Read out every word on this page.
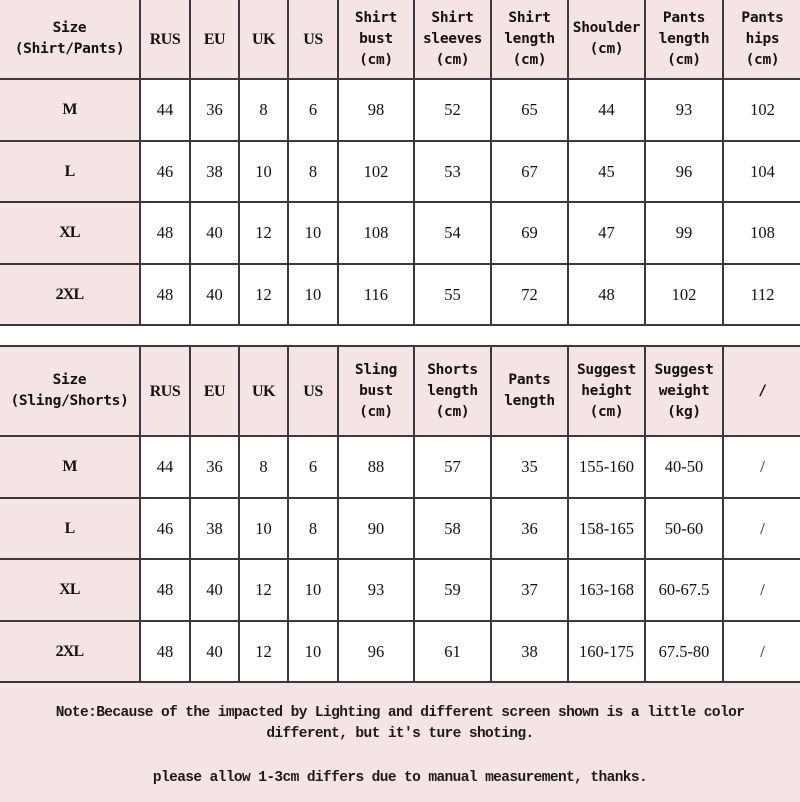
Size
(Shirt/Pants)	RUS	EU	UK	US	Shirt
bust
(cm)	Shirt
sleeves
(cm)	Shirt
length
(cm)	Shoulder
(cm)	Pants
length
(cm)	Pants
hips
(cm)

M	44	36	8	6	98	52	65	44	93	102
L	46	38	10	8	102	53	67	45	96	104
XL	48	40	12	10	108	54	69	47	99	108
2XL	48	40	12	10	116	55	72	48	102	112
Size
(Sling/Shorts)	RUS	EU	UK	US	Sling
bust
(cm)	Shorts
length
(cm)	Pants
length	Suggest
height
(cm)	Suggest
weight
(kg)	/

M	44	36	8	6	88	57	35	155-160	40-50	/
L	46	38	10	8	90	58	36	158-165	50-60	/
XL	48	40	12	10	93	59	37	163-168	60-67.5	/
2XL	48	40	12	10	96	61	38	160-175	67.5-80	/
Note:Because of the impacted by Lighting and different screen shown is a little color
different, but it's ture shoting.
please allow 1-3cm differs due to manual measurement, thanks.
